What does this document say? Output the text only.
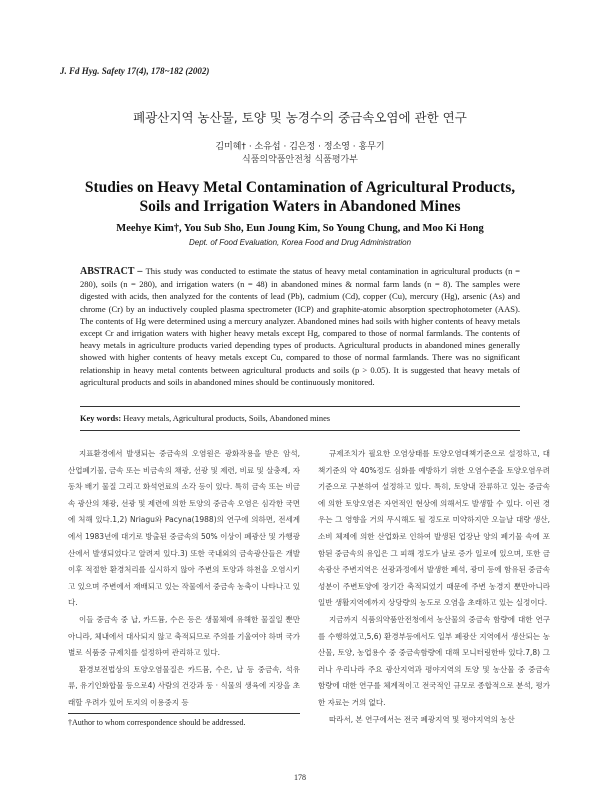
J. Fd Hyg. Safety 17(4), 178~182 (2002)
폐광산지역 농산물, 토양 및 농경수의 중금속오염에 관한 연구
김미혜† · 소유섭 · 김은정 · 정소영 · 홍무기
식품의약품안전청 식품평가부
Studies on Heavy Metal Contamination of Agricultural Products,
Soils and Irrigation Waters in Abandoned Mines
Meehye Kim†, You Sub Sho, Eun Joung Kim, So Young Chung, and Moo Ki Hong
Dept. of Food Evaluation, Korea Food and Drug Administration
ABSTRACT – This study was conducted to estimate the status of heavy metal contamination in agricultural products (n = 280), soils (n = 280), and irrigation waters (n = 48) in abandoned mines & normal farm lands (n = 8). The samples were digested with acids, then analyzed for the contents of lead (Pb), cadmium (Cd), copper (Cu), mercury (Hg), arsenic (As) and chrome (Cr) by an inductively coupled plasma spectrometer (ICP) and graphite-atomic absorption spectrophotometer (AAS). The contents of Hg were determined using a mercury analyzer. Abandoned mines had soils with higher contents of heavy metals except Cr and irrigation waters with higher heavy metals except Hg, compared to those of normal farmlands. The contents of heavy metals in agriculture products varied depending types of products. Agricultural products in abandoned mines generally showed with higher contents of heavy metals except Cu, compared to those of normal farmlands. There was no significant relationship in heavy metal contents between agricultural products and soils (p > 0.05). It is suggested that heavy metals of agricultural products and soils in abandoned mines should be continuously monitored.
Key words: Heavy metals, Agricultural products, Soils, Abandoned mines

지표환경에서 발생되는 중금속의 오염원은 광화작용을 받은 암석, 산업폐기물, 금속 또는 비금속의 채광, 선광 및 제련, 비료 및 살충제, 자동차 배기 물질 그리고 화석연료의 소각 등이 있다. 특히 금속 또는 비금속 광산의 채광, 선광 및 제련에 의한 토양의 중금속 오염은 심각한 국면에 처해 있다.1,2) Nriagu와 Pacyna(1988)의 연구에 의하면, 전세계에서 1983년에 대기로 방출된 중금속의 50% 이상이 폐광산 및 가행광산에서 발생되었다고 알려져 있다.3) 또한 국내외의 금속광산들은 개발 이후 적절한 환경처리를 실시하지 않아 주변의 토양과 하천을 오염시키고 있으며 주변에서 재배되고 있는 작물에서 중금속 농축이 나타나고 있다.

이들 중금속 중 납, 카드뮴, 수은 등은 생물체에 유해한 물질일 뿐만 아니라, 체내에서 대사되지 않고 축적되므로 주의를 기울여야 하며 국가별로 식품중 규제치를 설정하여 관리하고 있다.

환경보전법상의 토양오염물질은 카드뮴, 수은, 납 등 중금속, 석유류, 유기인화합물 등으로4) 사람의 건강과 동 · 식물의 생육에 지장을 초래할 우려가 있어 토지의 이용중지 등

규제조치가 필요한 오염상태를 토양오염대책기준으로 설정하고, 대책기준의 약 40%정도 심화를 예방하기 위한 오염수준을 토양오염우려기준으로 구분하여 설정하고 있다. 특히, 토양내 잔류하고 있는 중금속에 의한 토양오염은 자연적인 현상에 의해서도 발생할 수 있다. 이런 경우는 그 영향을 거의 무시해도 될 정도로 미약하지만 오늘날 대량 생산, 소비 체제에 의한 산업화로 인하여 발생된 업장난 양의 폐기물 속에 포함된 중금속의 유입은 그 피해 정도가 날로 증가 일로에 있으며, 또한 금속광산 주변지역은 선광과정에서 발생한 폐석, 광미 등에 함유된 중금속 성분이 주변토양에 장기간 축적되었기 때문에 주변 농경지 뿐만아니라 일반 생활지역에까지 상당량의 농도로 오염을 초래하고 있는 실정이다.

지금까지 식품의약품안전청에서 농산물의 중금속 함량에 대한 연구를 수행하였고,5,6) 환경부등에서도 일부 폐광산 지역에서 생산되는 농산물, 토양, 농업용수 중 중금속함량에 대해 모니터링한바 있다.7,8) 그러나 우리나라 주요 광산지역과 평야지역의 토양 및 농산물 중 중금속 함량에 대한 연구를 체계적이고 전국적인 규모로 종합적으로 분석, 평가한 자료는 거의 없다.

따라서, 본 연구에서는 전국 폐광지역 및 평야지역의 농산

†Author to whom correspondence should be addressed.
178
